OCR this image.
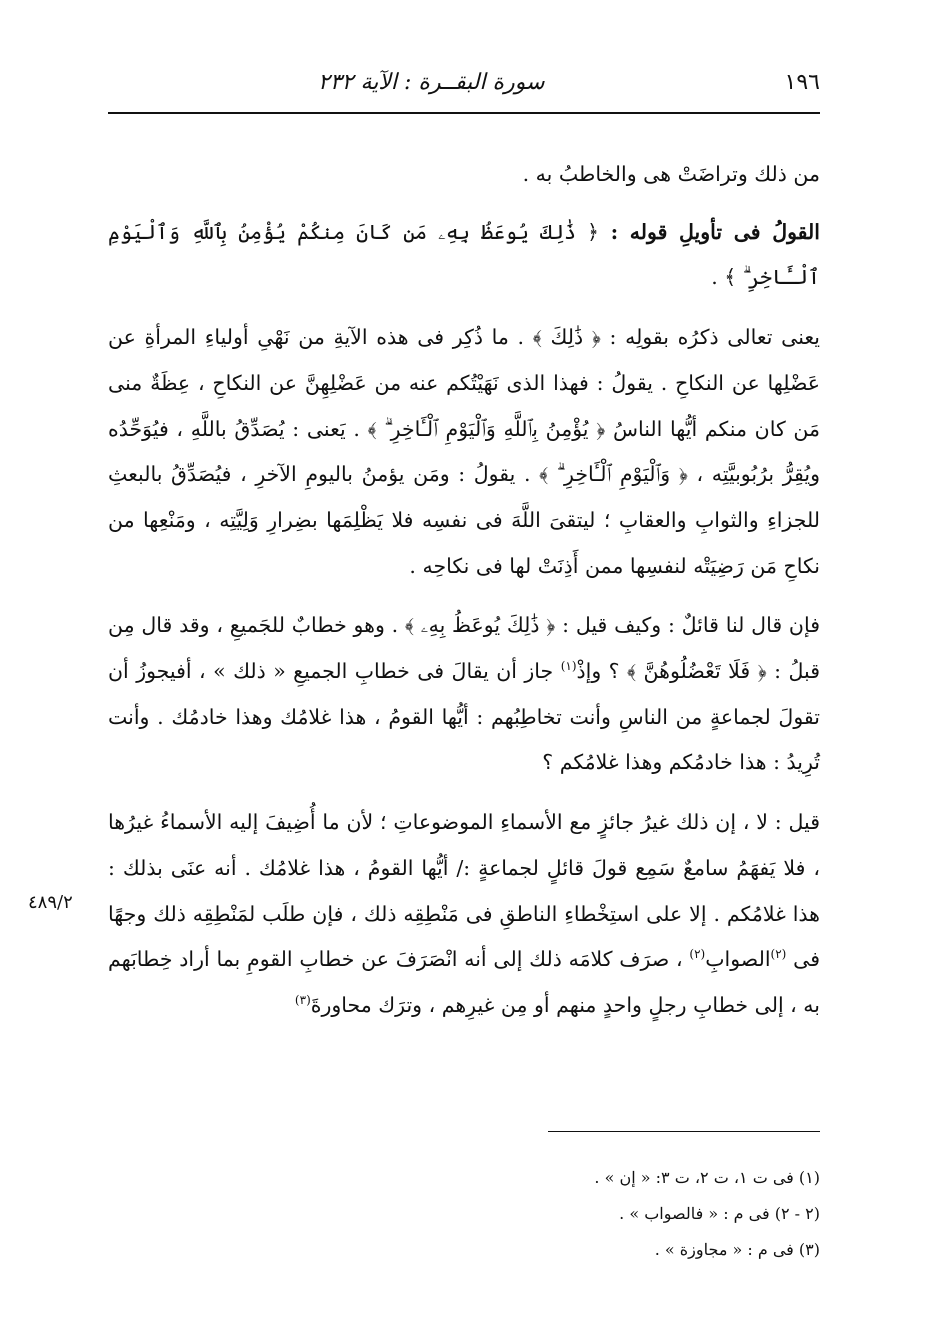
١٩٦
سورة البقــرة : الآية ٢٣٢

من ذلك وتراضَتْ هى والخاطبُ به .

القولُ فى تأويلِ قوله : ﴿ ذَٰلِكَ يُوعَظُ بِهِۦ مَن كَانَ مِنكُمْ يُؤْمِنُ بِٱللَّهِ وَٱلْيَوْمِ ٱلْـَٔاخِرِ ۗ ﴾ .

يعنى تعالى ذكرُه بقولِه : ﴿ ذَٰلِكَ ﴾ . ما ذُكِر فى هذه الآيةِ من نَهْىِ أولياءِ المرأةِ عن عَضْلِها عن النكاحِ . يقولُ : فهذا الذى نَهَيْتُكم عنه من عَضْلِهِنَّ عن النكاحِ ، عِظَةٌ منى مَن كان منكم أيُّها الناسُ ﴿ يُؤْمِنُ بِٱللَّهِ وَٱلْيَوْمِ ٱلْـَٔاخِرِ ۗ ﴾ . يَعنى : يُصَدِّقُ باللَّهِ ، فيُوَحِّدُه ويُقِرُّ برُبُوبيَّتِه ، ﴿ وَٱلْيَوْمِ ٱلْـَٔاخِرِ ۗ ﴾ . يقولُ : ومَن يؤمنُ باليومِ الآخرِ ، فيُصَدِّقُ بالبعثِ للجزاءِ والثوابِ والعقابِ ؛ ليتقىَ اللَّهَ فى نفسِه فلا يَظْلِمَها بضِرارِ وَلِيَّتِه ، ومَنْعِها من نكاحِ مَن رَضِيَتْه لنفسِها ممن أَذِنَتْ لها فى نكاحِه .

فإن قال لنا قائلٌ : وكيف قيل : ﴿ ذَٰلِكَ يُوعَظُ بِهِۦ ﴾ . وهو خطابٌ للجَميعِ ، وقد قال مِن قبلُ : ﴿ فَلَا تَعْضُلُوهُنَّ ﴾ ؟ وإذْ$^{(١)}$ جاز أن يقالَ فى خطابِ الجميعِ « ذلك » ، أفيجوزُ أن تقولَ لجماعةٍ من الناسِ وأنت تخاطِبُهم : أيُّها القومُ ، هذا غلامُك وهذا خادمُك . وأنت تُرِيدُ : هذا خادمُكم وهذا غلامُكم ؟

قيل : لا ، إن ذلك غيرُ جائزٍ مع الأسماءِ الموضوعاتِ ؛ لأن ما أُضِيفَ إليه الأسماءُ غيرُها ، فلا يَفهَمُ سامعٌ سَمِع قولَ قائلٍ لجماعةٍ :/ أيُّها القومُ ، هذا غلامُك . أنه عنَى بذلك : هذا غلامُكم . إلا على استِخْطاءِ الناطقِ فى مَنْطِقِه ذلك ، فإن طلَب لمَنْطِقِه ذلك وجهًا فى $^{(٢)}$الصوابِ$^{(٢)}$ ، صرَف كلامَه ذلك إلى أنه انْصَرَفَ عن خطابِ القومِ بما أراد خِطابَهم به ، إلى خطابِ رجلٍ واحدٍ منهم أو مِن غيرِهم ، وترَك محاورةَ$^{(٣)}$

٤٨٩/٢
(١) فى ت ١، ت ٢، ت ٣: « إن » .
(٢ - ٢) فى م : « فالصواب » .
(٣) فى م : « مجاوزة » .
